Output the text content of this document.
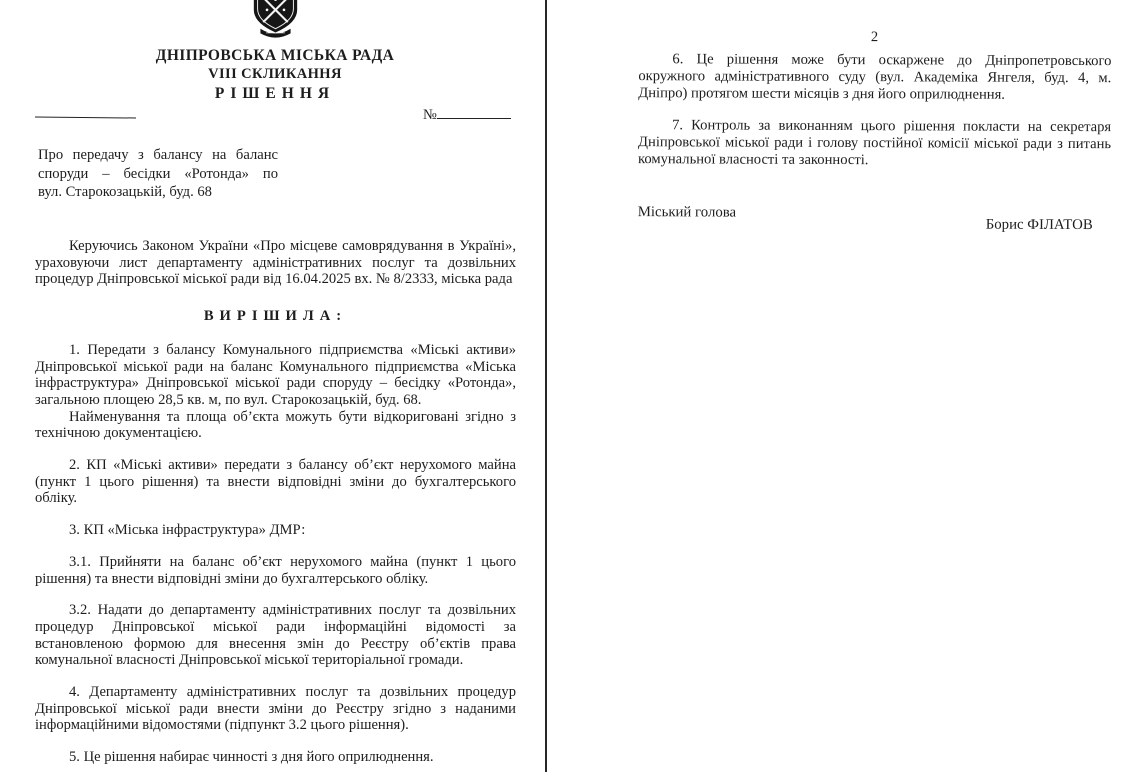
ДНІПРОВСЬКА МІСЬКА РАДА
VIII СКЛИКАННЯ
РІШЕННЯ
№
Про передачу з балансу на баланс
споруди – бесідки «Ротонда» по
вул. Старокозацькій, буд. 68

Керуючись Законом України «Про місцеве самоврядування в Україні», ураховуючи лист департаменту адміністративних послуг та дозвільних процедур Дніпровської міської ради від 16.04.2025 вх. № 8/2333, міська рада

ВИРІШИЛА:

1. Передати з балансу Комунального підприємства «Міські активи» Дніпровської міської ради на баланс Комунального підприємства «Міська інфраструктура» Дніпровської міської ради споруду – бесідку «Ротонда», загальною площею 28,5 кв. м, по вул. Старокозацькій, буд. 68.

Найменування та площа об’єкта можуть бути відкориговані згідно з технічною документацією.

2. КП «Міські активи» передати з балансу об’єкт нерухомого майна (пункт 1 цього рішення) та внести відповідні зміни до бухгалтерського обліку.

3. КП «Міська інфраструктура» ДМР:

3.1. Прийняти на баланс об’єкт нерухомого майна (пункт 1 цього рішення) та внести відповідні зміни до бухгалтерського обліку.

3.2. Надати до департаменту адміністративних послуг та дозвільних процедур Дніпровської міської ради інформаційні відомості за встановленою формою для внесення змін до Реєстру об’єктів права комунальної власності Дніпровської міської територіальної громади.

4. Департаменту адміністративних послуг та дозвільних процедур Дніпровської міської ради внести зміни до Реєстру згідно з наданими інформаційними відомостями (підпункт 3.2 цього рішення).

5. Це рішення набирає чинності з дня його оприлюднення.

2

6. Це рішення може бути оскаржене до Дніпропетровського окружного адміністративного суду (вул. Академіка Янгеля, буд. 4, м. Дніпро) протягом шести місяців з дня його оприлюднення.

7. Контроль за виконанням цього рішення покласти на секретаря Дніпровської міської ради і голову постійної комісії міської ради з питань комунальної власності та законності.

Міський голова
Борис ФІЛАТОВ
